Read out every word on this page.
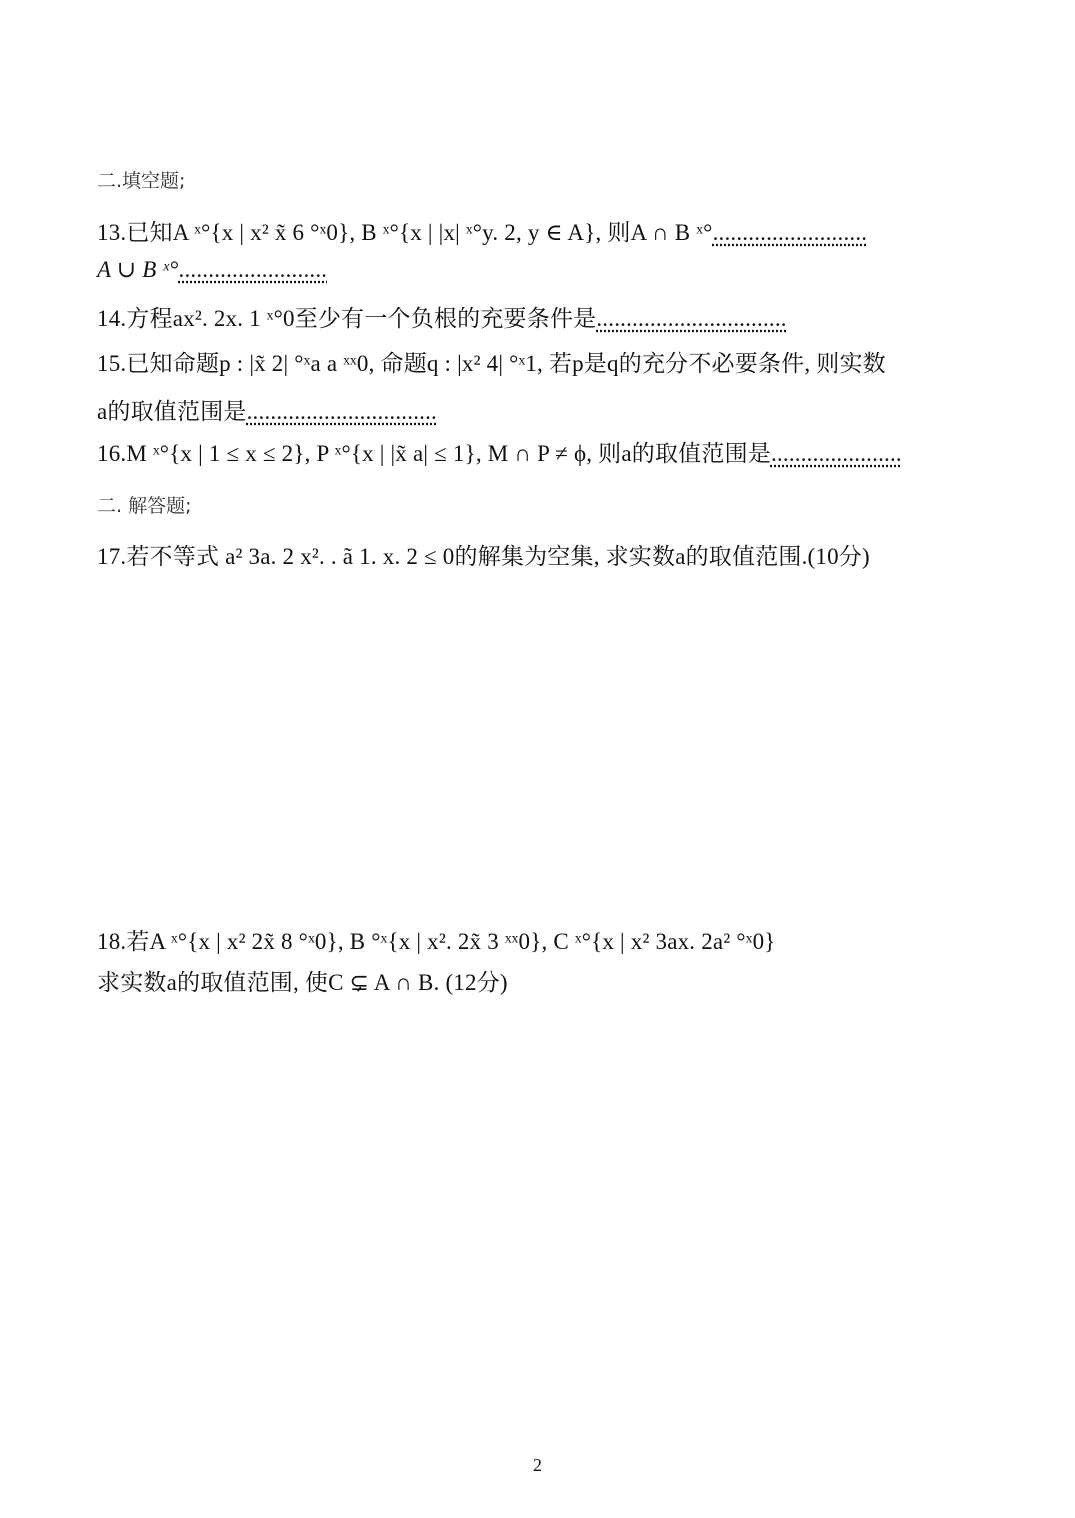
二.填空题;
13.已知A ˣ°{x | x² x̃ 6 °ˣ0}, B ˣ°{x | |x| ˣ°y. 2, y ∈ A}, 则A ∩ B ˣ°..........................
A ∪ B ˣ°.........................
14.方程ax². 2x. 1 ˣ°0至少有一个负根的充要条件是................................
15.已知命题p : |x̃ 2| °ˣa a ˣˣ0, 命题q : |x² 4| °ˣ1, 若p是q的充分不必要条件, 则实数
a的取值范围是................................
16.M ˣ°{x | 1 ≤ x ≤ 2}, P ˣ°{x | |x̃ a| ≤ 1}, M ∩ P ≠ ϕ, 则a的取值范围是......................
二. 解答题;
17.若不等式 a² 3a. 2 x². . ã 1. x. 2 ≤ 0的解集为空集, 求实数a的取值范围.(10分)
18.若A ˣ°{x | x² 2x̃ 8 °ˣ0}, B °ˣ{x | x². 2x̃ 3 ˣˣ0}, C ˣ°{x | x² 3ax. 2a² °ˣ0}
求实数a的取值范围, 使C ⊊ A ∩ B. (12分)
2
